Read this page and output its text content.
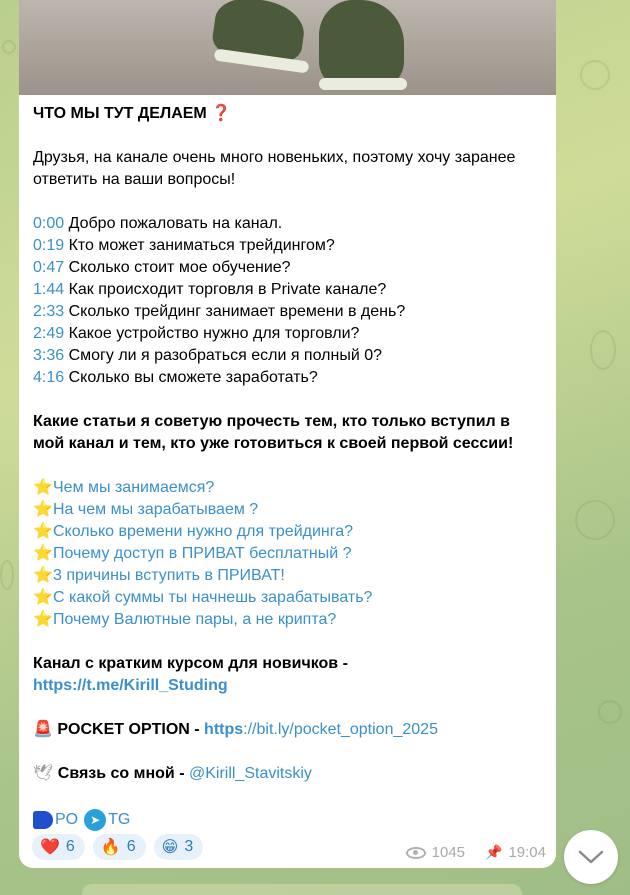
ЧТО МЫ ТУТ ДЕЛАЕМ ❓
Друзья, на канале очень много новеньких, поэтому хочу заранее ответить на ваши вопросы!
0:00 Добро пожаловать на канал.
0:19 Кто может заниматься трейдингом?
0:47 Сколько стоит мое обучение?
1:44 Как происходит торговля в Private канале?
2:33 Сколько трейдинг занимает времени в день?
2:49 Какое устройство нужно для торговли?
3:36 Смогу ли я разобраться если я полный 0?
4:16 Сколько вы сможете заработать?
Какие статьи я советую прочесть тем, кто только вступил в мой канал и тем, кто уже готовиться к своей первой сессии!
⭐Чем мы занимаемся?
⭐На чем мы зарабатываем ?
⭐Сколько времени нужно для трейдинга?
⭐Почему доступ в ПРИВАТ бесплатный ?
⭐3 причины вступить в ПРИВАТ!
⭐С какой суммы ты начнешь зарабатывать?
⭐Почему Валютные пары, а не крипта?
Канал с кратким курсом для новичков -
https://t.me/Kirill_Studing
🚨 POCKET OPTION - https://bit.ly/pocket_option_2025
🕊 Связь со мной - @Kirill_Stavitskiy
PO ➤ TG
❤️ 6 🔥 6 😁 3	1045 📌 19:04
